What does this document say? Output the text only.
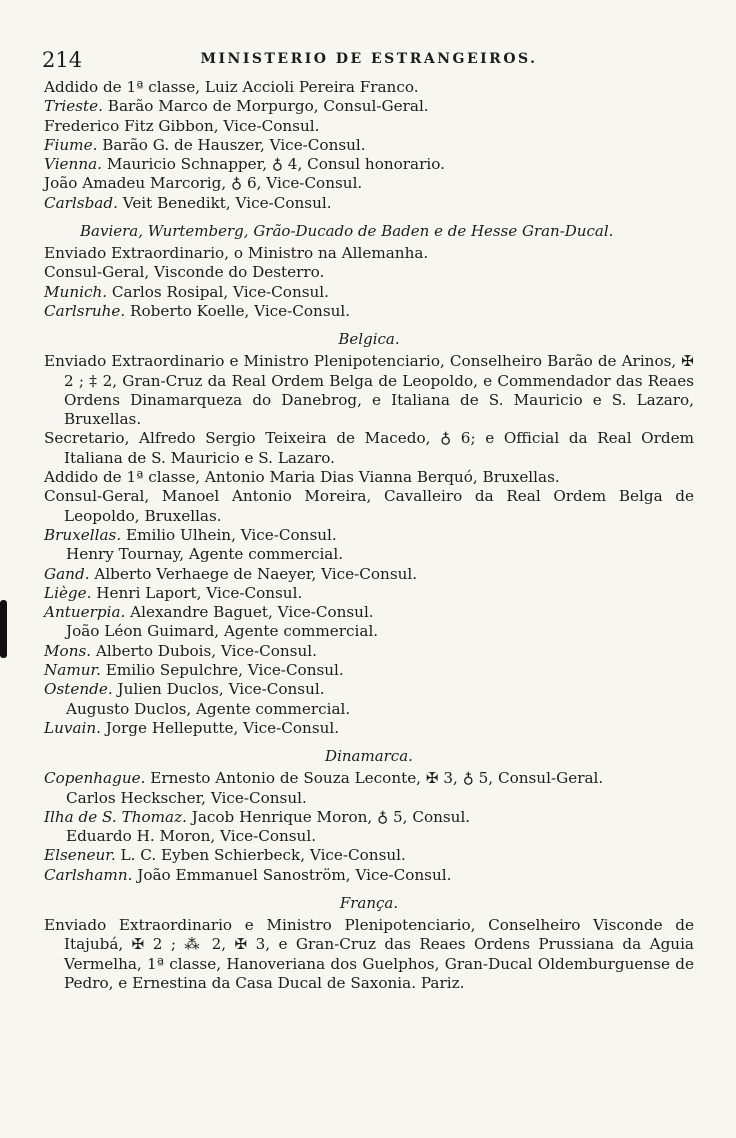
214	MINISTERIO DE ESTRANGEIROS.
Addido de 1ª classe, Luiz Accioli Pereira Franco.
Trieste. Barão Marco de Morpurgo, Consul-Geral.
Frederico Fitz Gibbon, Vice-Consul.
Fiume. Barão G. de Hauszer, Vice-Consul.
Vienna. Mauricio Schnapper, ♁ 4, Consul honorario.
João Amadeu Marcorig, ♁ 6, Vice-Consul.
Carlsbad. Veit Benedikt, Vice-Consul.
Baviera, Wurtemberg, Grão-Ducado de Baden e de Hesse Gran-Ducal.
Enviado Extraordinario, o Ministro na Allemanha.
Consul-Geral, Visconde do Desterro.
Munich. Carlos Rosipal, Vice-Consul.
Carlsruhe. Roberto Koelle, Vice-Consul.
Belgica.
Enviado Extraordinario e Ministro Plenipotenciario, Conselheiro Barão de Arinos, ✠ 2 ; ‡ 2, Gran-Cruz da Real Ordem Belga de Leopoldo, e Commendador das Reaes Ordens Dinamarqueza do Danebrog, e Italiana de S. Mauricio e S. Lazaro, Bruxellas.
Secretario, Alfredo Sergio Teixeira de Macedo, ♁ 6; e Official da Real Ordem Italiana de S. Mauricio e S. Lazaro.
Addido de 1ª classe, Antonio Maria Dias Vianna Berquó, Bruxellas.
Consul-Geral, Manoel Antonio Moreira, Cavalleiro da Real Ordem Belga de Leopoldo, Bruxellas.
Bruxellas. Emilio Ulhein, Vice-Consul.
Henry Tournay, Agente commercial.
Gand. Alberto Verhaege de Naeyer, Vice-Consul.
Liège. Henri Laport, Vice-Consul.
Antuerpia. Alexandre Baguet, Vice-Consul.
João Léon Guimard, Agente commercial.
Mons. Alberto Dubois, Vice-Consul.
Namur. Emilio Sepulchre, Vice-Consul.
Ostende. Julien Duclos, Vice-Consul.
Augusto Duclos, Agente commercial.
Luvain. Jorge Helleputte, Vice-Consul.
Dinamarca.
Copenhague. Ernesto Antonio de Souza Leconte, ✠ 3, ♁ 5, Consul-Geral.
Carlos Heckscher, Vice-Consul.
Ilha de S. Thomaz. Jacob Henrique Moron, ♁ 5, Consul.
Eduardo H. Moron, Vice-Consul.
Elseneur. L. C. Eyben Schierbeck, Vice-Consul.
Carlshamn. João Emmanuel Sanoström, Vice-Consul.
França.
Enviado Extraordinario e Ministro Plenipotenciario, Conselheiro Visconde de Itajubá, ✠ 2 ; ⁂ 2, ✠ 3, e Gran-Cruz das Reaes Ordens Prussiana da Aguia Vermelha, 1ª classe, Hanoveriana dos Guelphos, Gran-Ducal Oldemburguense de Pedro, e Ernestina da Casa Ducal de Saxonia. Pariz.
